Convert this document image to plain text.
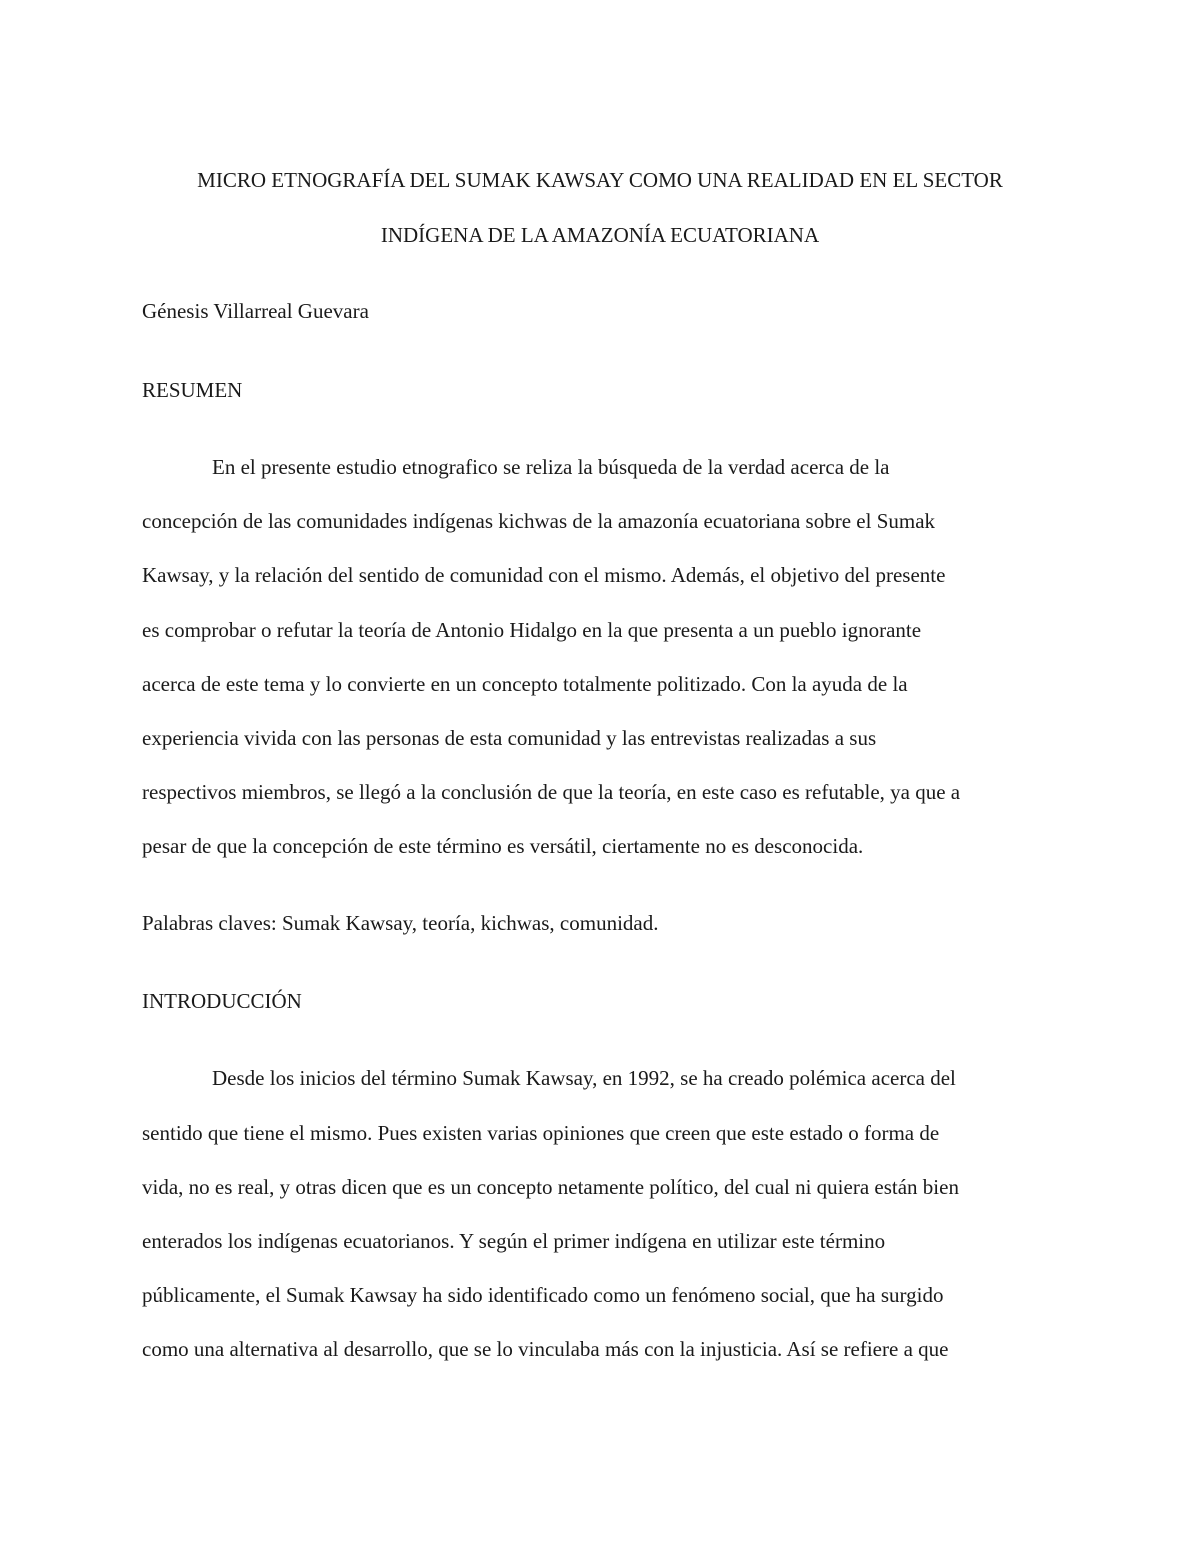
MICRO ETNOGRAFÍA DEL SUMAK KAWSAY COMO UNA REALIDAD EN EL SECTOR

INDÍGENA DE LA AMAZONÍA ECUATORIANA

Génesis Villarreal Guevara

RESUMEN

En el presente estudio etnografico se reliza la búsqueda de la verdad acerca de la

concepción de las comunidades indígenas kichwas de la amazonía ecuatoriana sobre el Sumak

Kawsay, y la relación del sentido de comunidad con el mismo. Además, el objetivo del presente

es comprobar o refutar la teoría de Antonio Hidalgo en la que presenta a un pueblo ignorante

acerca de este tema y lo convierte en un concepto totalmente politizado. Con la ayuda de la

experiencia vivida con las personas de esta comunidad y las entrevistas realizadas a sus

respectivos miembros, se llegó a la conclusión de que la teoría, en este caso es refutable, ya que a

pesar de que la concepción de este término es versátil, ciertamente no es desconocida.

Palabras claves: Sumak Kawsay, teoría, kichwas, comunidad.

INTRODUCCIÓN

Desde los inicios del término Sumak Kawsay, en 1992, se ha creado polémica acerca del

sentido que tiene el mismo. Pues existen varias opiniones que creen que este estado o forma de

vida, no es real, y otras dicen que es un concepto netamente político, del cual ni quiera están bien

enterados los indígenas ecuatorianos. Y según el primer indígena en utilizar este término

públicamente, el Sumak Kawsay ha sido identificado como un fenómeno social, que ha surgido

como una alternativa al desarrollo, que se lo vinculaba más con la injusticia. Así se refiere a que
